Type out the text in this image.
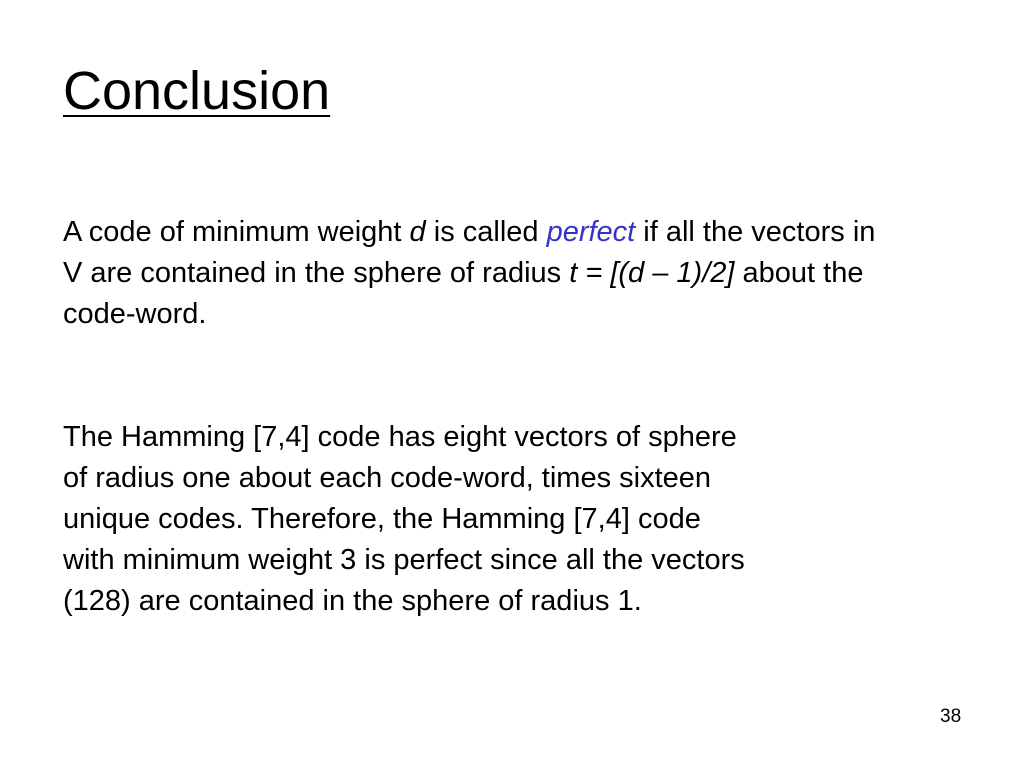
Conclusion

A code of minimum weight d is called perfect if all the vectors in V are contained in the sphere of radius t = [(d – 1)/2] about the code-word.

The Hamming [7,4] code has eight vectors of sphere
of radius one about each code-word, times sixteen
unique codes. Therefore, the Hamming [7,4] code
with minimum weight 3 is perfect since all the vectors
(128) are contained in the sphere of radius 1.

38
